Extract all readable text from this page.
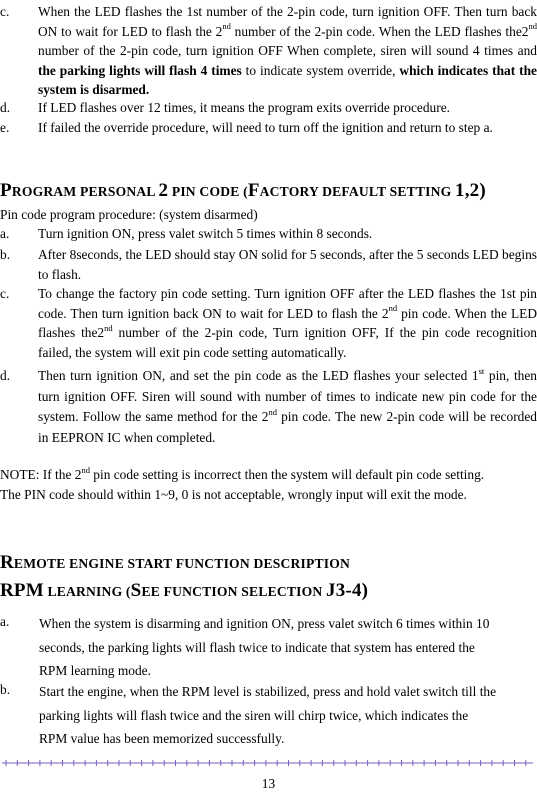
c. When the LED flashes the 1st number of the 2-pin code, turn ignition OFF. Then turn back ON to wait for LED to flash the 2nd number of the 2-pin code. When the LED flashes the2nd number of the 2-pin code, turn ignition OFF When complete, siren will sound 4 times and the parking lights will flash 4 times to indicate system override, which indicates that the system is disarmed.
d. If LED flashes over 12 times, it means the program exits override procedure.
e. If failed the override procedure, will need to turn off the ignition and return to step a.
PROGRAM PERSONAL 2 PIN CODE (FACTORY DEFAULT SETTING 1,2)
Pin code program procedure: (system disarmed)
a. Turn ignition ON, press valet switch 5 times within 8 seconds.
b. After 8seconds, the LED should stay ON solid for 5 seconds, after the 5 seconds LED begins to flash.
c. To change the factory pin code setting. Turn ignition OFF after the LED flashes the 1st pin code. Then turn ignition back ON to wait for LED to flash the 2nd pin code. When the LED flashes the2nd number of the 2-pin code, Turn ignition OFF, If the pin code recognition failed, the system will exit pin code setting automatically.
d. Then turn ignition ON, and set the pin code as the LED flashes your selected 1st pin, then turn ignition OFF. Siren will sound with number of times to indicate new pin code for the system. Follow the same method for the 2nd pin code. The new 2-pin code will be recorded in EEPRON IC when completed.
NOTE: If the 2nd pin code setting is incorrect then the system will default pin code setting.
The PIN code should within 1~9, 0 is not acceptable, wrongly input will exit the mode.
REMOTE ENGINE START FUNCTION DESCRIPTION
RPM LEARNING (SEE FUNCTION SELECTION J3-4)
a. When the system is disarming and ignition ON, press valet switch 6 times within 10
seconds, the parking lights will flash twice to indicate that system has entered the
RPM learning mode.
b. Start the engine, when the RPM level is stabilized, press and hold valet switch till the
parking lights will flash twice and the siren will chirp twice, which indicates the
RPM value has been memorized successfully.
13
